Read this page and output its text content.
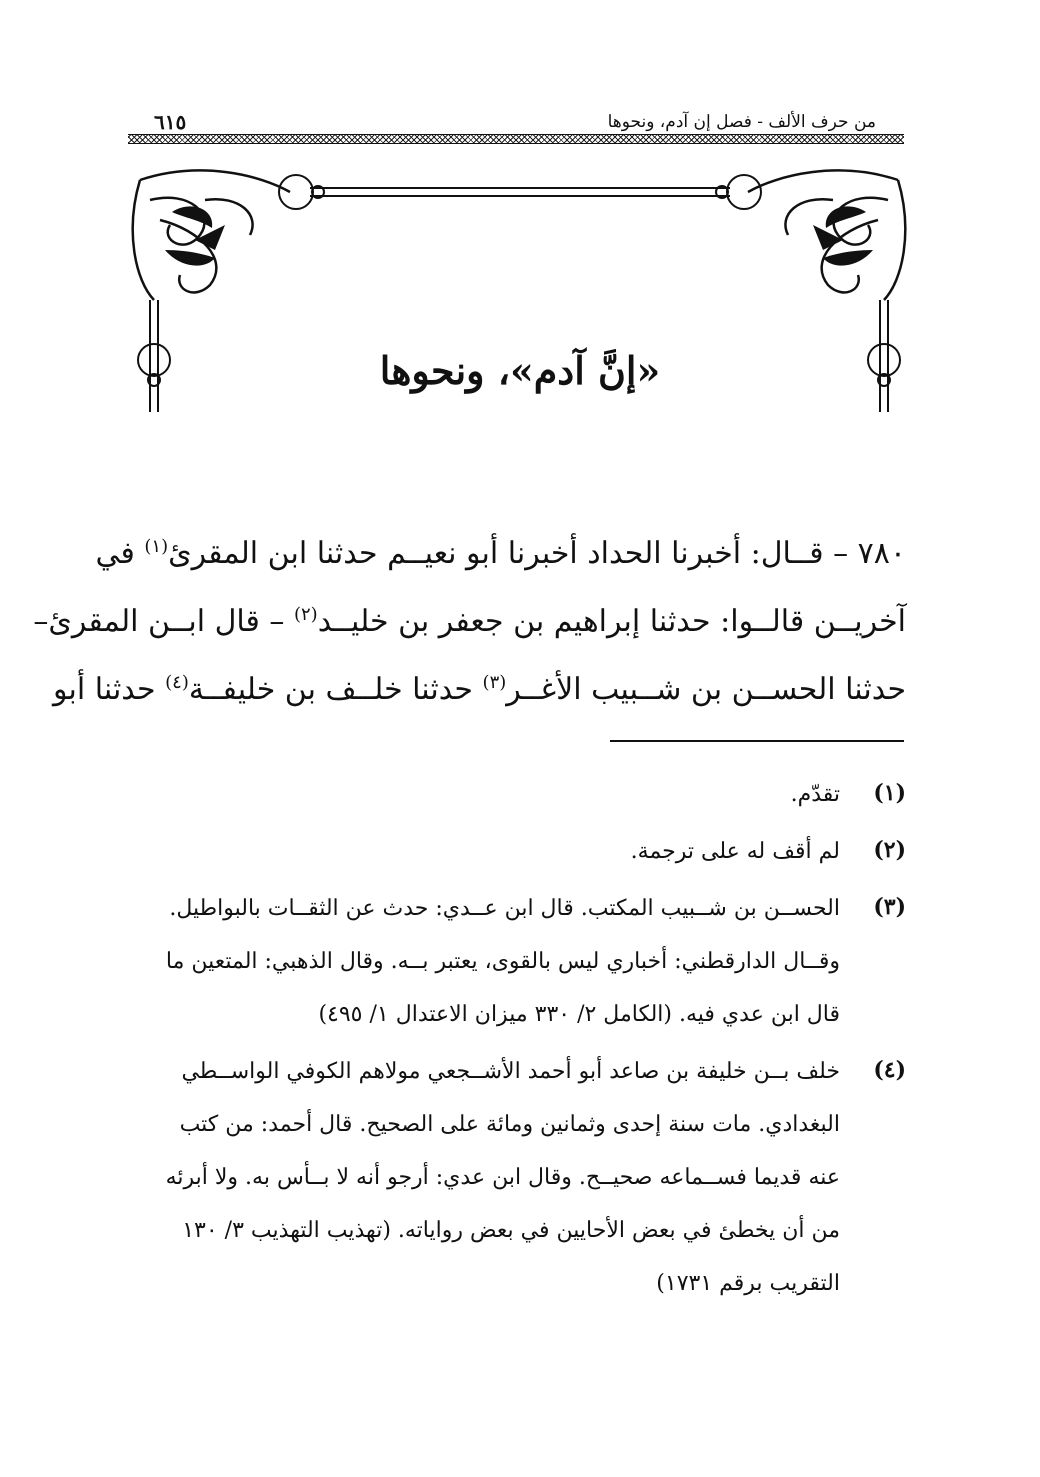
من حرف الألف - فصل إن آدم، ونحوها
٦١٥
«إنَّ آدم»، ونحوها

٧٨٠ – قــال: أخبرنا الحداد أخبرنا أبو نعيــم حدثنا ابن المقرئ$^{(١)}$ في

آخريــن قالــوا: حدثنا إبراهيم بن جعفر بن خليــد$^{(٢)}$ – قال ابــن المقرئ–

حدثنا الحســن بن شــبيب الأغــر$^{(٣)}$ حدثنا خلــف بن خليفــة$^{(٤)}$ حدثنا أبو

(١)
تقدّم.
(٢)
لم أقف له على ترجمة.
(٣)
الحســن بن شــبيب المكتب. قال ابن عــدي: حدث عن الثقــات بالبواطيل.
وقــال الدارقطني: أخباري ليس بالقوى، يعتبر بــه. وقال الذهبي: المتعين ما
قال ابن عدي فيه. (الكامل ٢/ ٣٣٠ ميزان الاعتدال ١/ ٤٩٥)
(٤)
خلف بــن خليفة بن صاعد أبو أحمد الأشــجعي مولاهم الكوفي الواســطي
البغدادي. مات سنة إحدى وثمانين ومائة على الصحيح. قال أحمد: من كتب
عنه قديما فســماعه صحيــح. وقال ابن عدي: أرجو أنه لا بــأس به. ولا أبرئه
من أن يخطئ في بعض الأحايين في بعض رواياته. (تهذيب التهذيب ٣/ ١٣٠
التقريب برقم ١٧٣١)
